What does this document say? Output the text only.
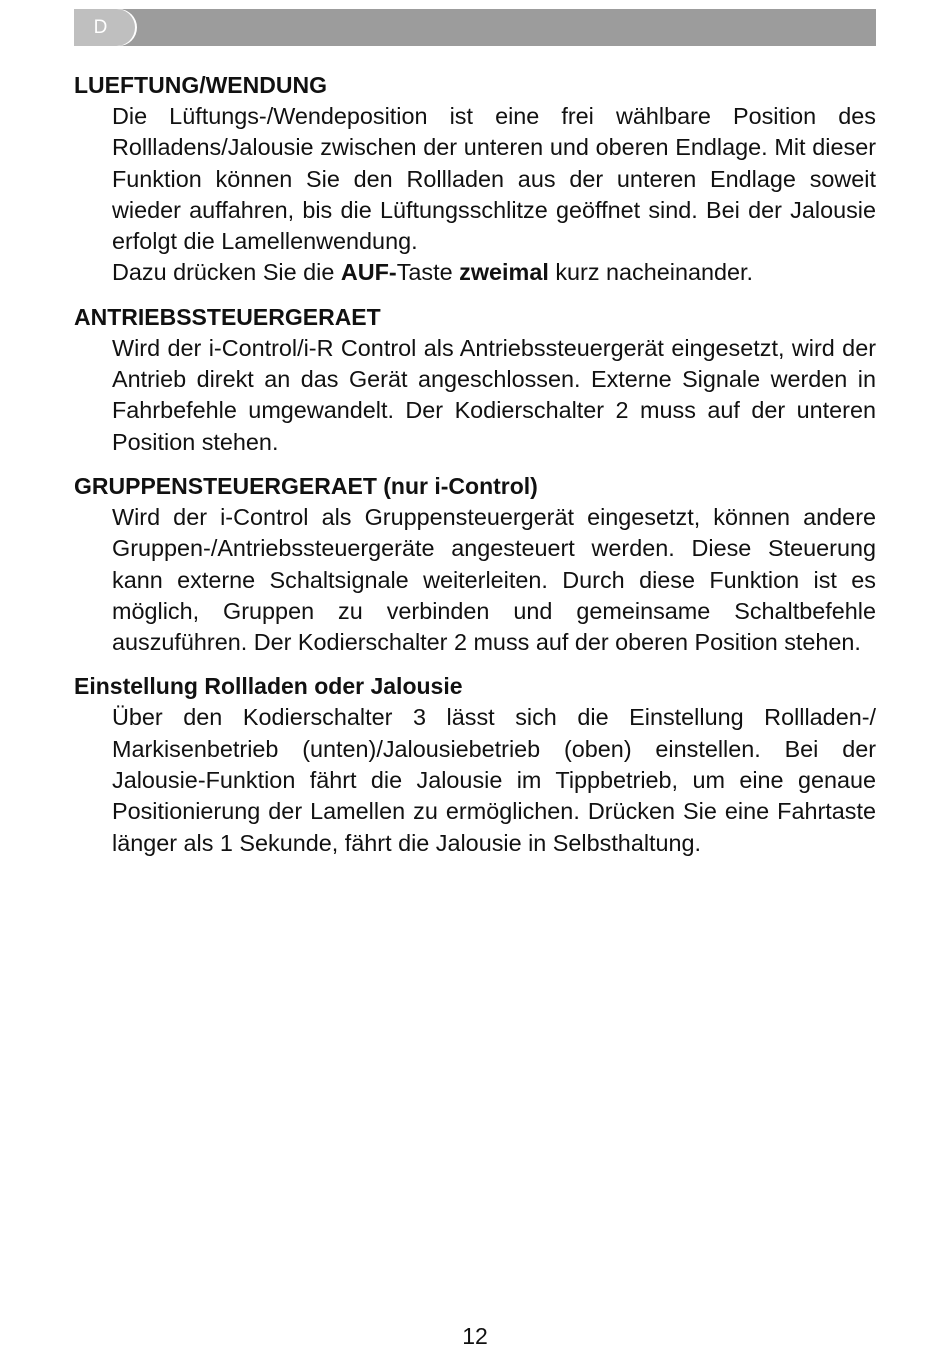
D
LUEFTUNG/WENDUNG

Die Lüftungs-/Wendeposition ist eine frei wählbare Position des Rollladens/Jalousie zwischen der unteren und oberen Endlage. Mit dieser Funktion können Sie den Rollladen aus der unteren Endlage soweit wieder auffahren, bis die Lüftungsschlitze geöffnet sind. Bei der Jalousie erfolgt die Lamellenwendung.

Dazu drücken Sie die AUF-Taste zweimal kurz nacheinander.

ANTRIEBSSTEUERGERAET

Wird der i-Control/i-R Control als Antriebssteuergerät eingesetzt, wird der Antrieb direkt an das Gerät angeschlossen. Externe Signale werden in Fahrbefehle umgewandelt. Der Kodierschalter 2 muss auf der unteren Position stehen.

GRUPPENSTEUERGERAET (nur i-Control)

Wird der i-Control als Gruppensteuergerät eingesetzt, können andere Gruppen-/Antriebssteuergeräte angesteuert werden. Diese Steuerung kann externe Schaltsignale weiterleiten. Durch diese Funktion ist es möglich, Gruppen zu verbinden und gemeinsame Schaltbefehle auszuführen. Der Kodierschalter 2 muss auf der oberen Position stehen.

Einstellung Rollladen oder Jalousie

Über den Kodierschalter 3 lässt sich die Einstellung Rollladen-/ Markisenbetrieb (unten)/Jalousiebetrieb (oben) einstellen. Bei der Jalousie-Funktion fährt die Jalousie im Tippbetrieb, um eine genaue Positionierung der Lamellen zu ermöglichen. Drücken Sie eine Fahrtaste länger als 1 Sekunde, fährt die Jalousie in Selbsthaltung.

12
